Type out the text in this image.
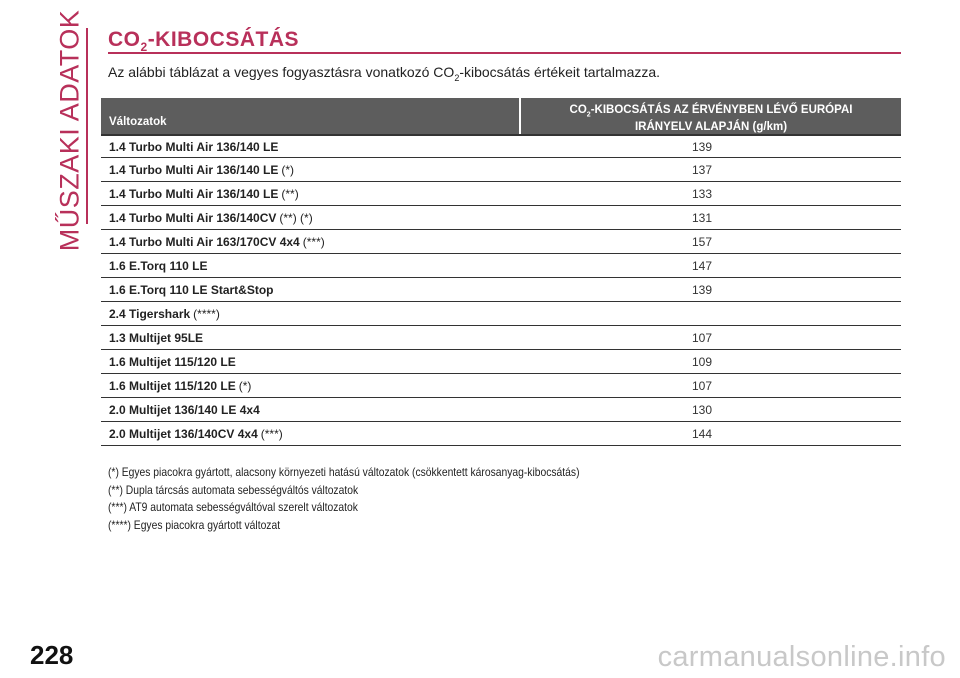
MŰSZAKI ADATOK $CO_2$-KIBOCSÁTÁS
Az alábbi táblázat a vegyes fogyasztásra vonatkozó $CO_2$-kibocsátás értékeit tartalmazza.
Változatok
$CO_2$-KIBOCSÁTÁS AZ ÉRVÉNYBEN LÉVŐ EURÓPAI
IRÁNYELV ALAPJÁN (g/km)
1.4 Turbo Multi Air 136/140 LE	139
1.4 Turbo Multi Air 136/140 LE (*)	137
1.4 Turbo Multi Air 136/140 LE (**)	133
1.4 Turbo Multi Air 136/140CV (**) (*)	131
1.4 Turbo Multi Air 163/170CV 4x4 (***)	157
1.6 E.Torq 110 LE	147
1.6 E.Torq 110 LE Start&Stop	139
2.4 Tigershark (****)
1.3 Multijet 95LE	107
1.6 Multijet 115/120 LE	109
1.6 Multijet 115/120 LE (*)	107
2.0 Multijet 136/140 LE 4x4	130
2.0 Multijet 136/140CV 4x4 (***)	144
(*) Egyes piacokra gyártott, alacsony környezeti hatású változatok (csökkentett károsanyag-kibocsátás)
(**) Dupla tárcsás automata sebességváltós változatok
(***) AT9 automata sebességváltóval szerelt változatok
(****) Egyes piacokra gyártott változat
228	carmanualsonline.info
